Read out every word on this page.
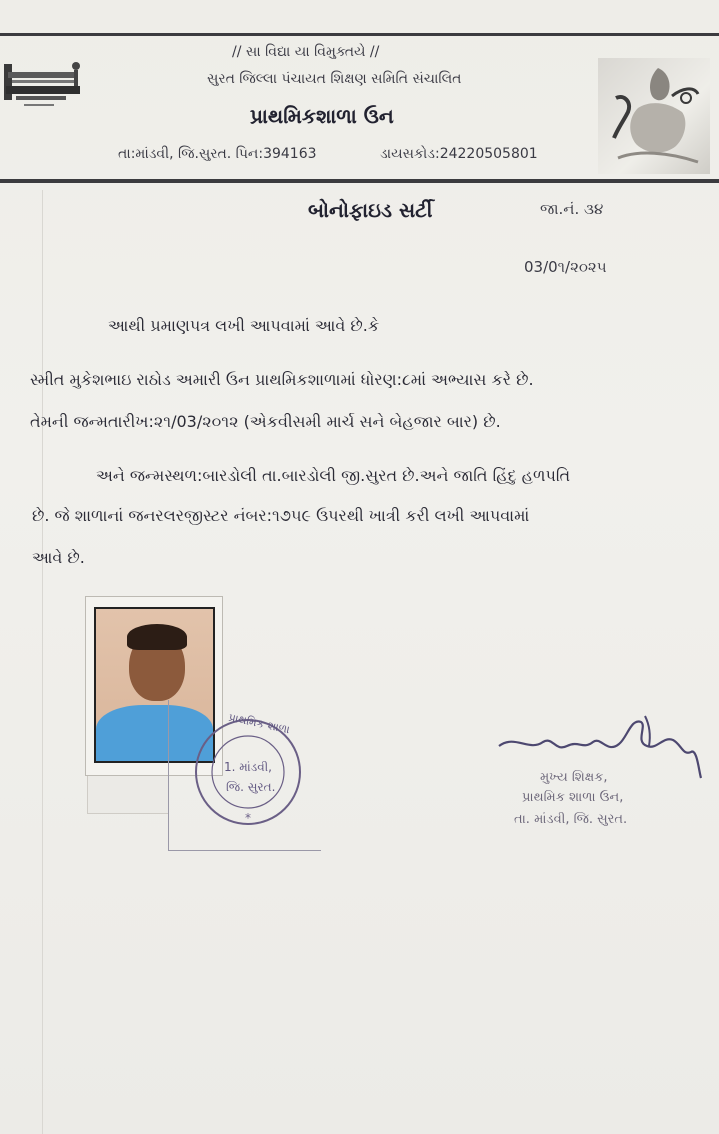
// સા વિદ્યા યા વિમુક્તયે //
સુરત જિલ્લા પંચાયત શિક્ષણ સમિતિ સંચાલિત
પ્રાથમિકશાળા ઉન
તા:માંડવી, જિ.સુરત. પિન:394163	ડાયસકોડ:24220505801
બોનોફાઇડ સર્ટી	જા.નં. ૩૪
03/0૧/૨૦૨૫
આથી પ્રમાણપત્ર લખી આપવામાં આવે છે.કે
સ્મીત મુકેશભાઇ રાઠોડ અમારી ઉન પ્રાથમિકશાળામાં ધોરણ:૮માં અભ્યાસ કરે છે.
તેમની જન્મતારીખ:૨૧/03/૨૦૧૨ (એકવીસમી માર્ચ સને બેહજાર બાર) છે.
અને જન્મસ્થળ:બારડોલી તા.બારડોલી જી.સુરત છે.અને જાતિ હિંદુ હળપતિ
છે. જે શાળાનાં જનરલરજીસ્ટર નંબર:૧૭૫૯ ઉપરથી ખાત્રી કરી લખી આપવામાં
આવે છે.
*
પ્રાથમિક શાળા
1. માંડવી,
જિ. સુરત.
મુખ્ય શિક્ષક,
પ્રાથમિક શાળા ઉન,
તા. માંડવી, જિ. સુરત.
